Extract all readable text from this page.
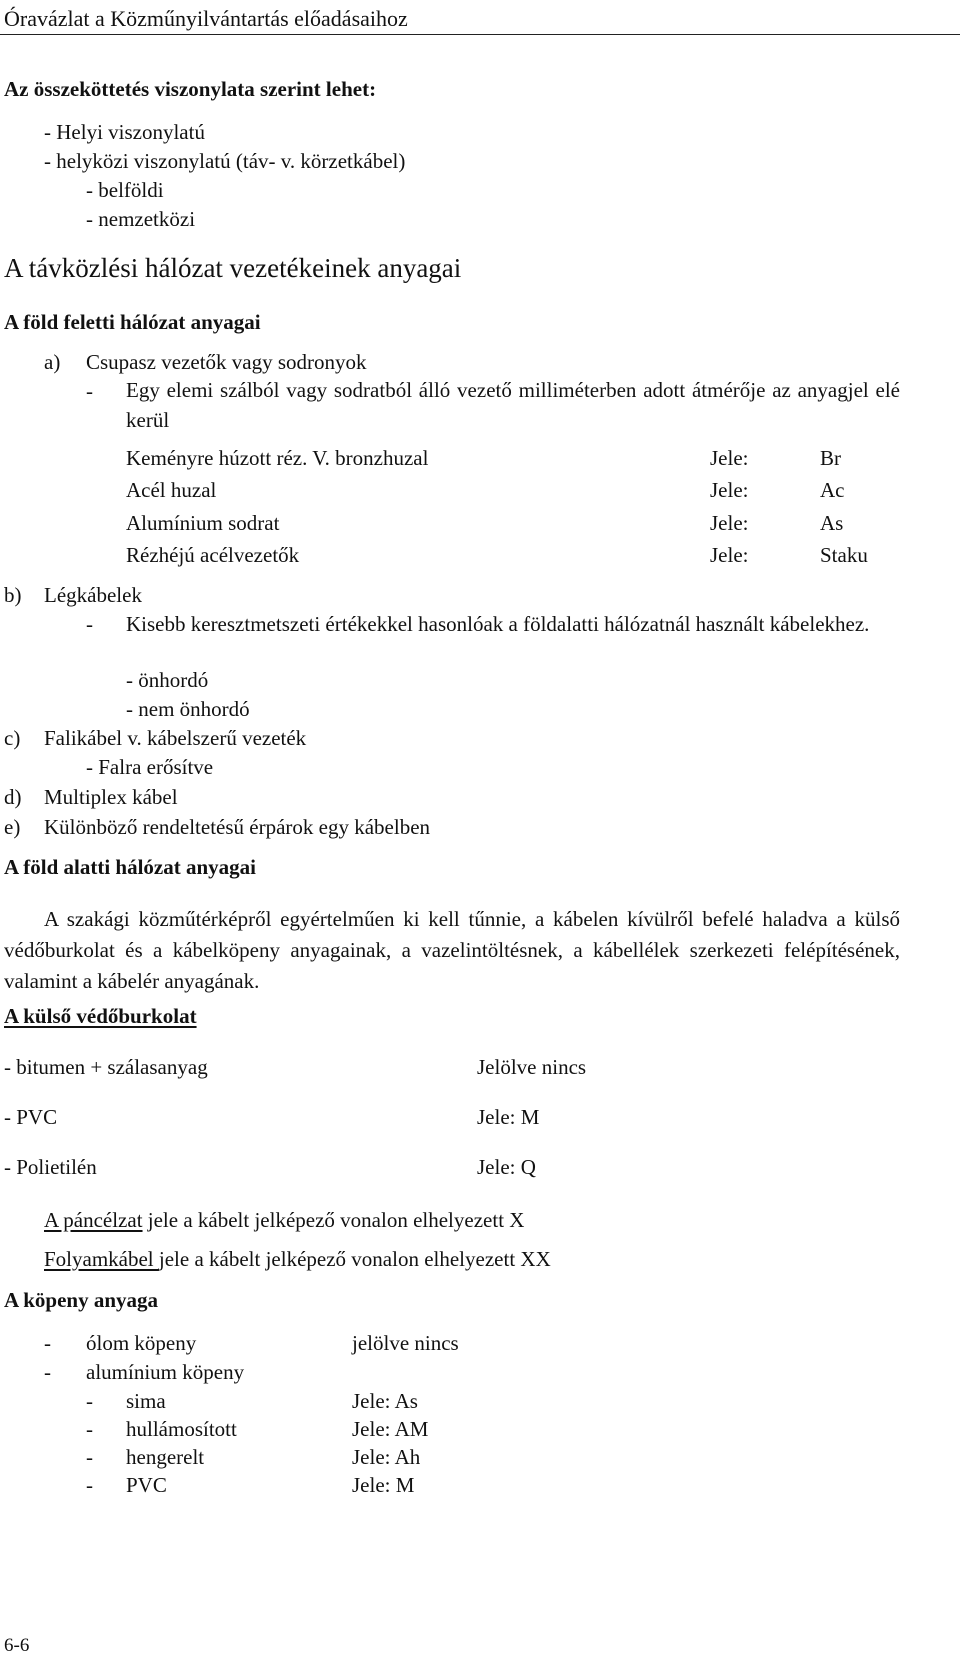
Óravázlat a Közműnyilvántartás előadásaihoz
Az összeköttetés viszonylata szerint lehet:
- Helyi viszonylatú
- helyközi viszonylatú (táv- v. körzetkábel)
- belföldi
- nemzetközi
A távközlési hálózat vezetékeinek anyagai
A föld feletti hálózat anyagai
a) Csupasz vezetők vagy sodronyok
- Egy elemi szálból vagy sodratból álló vezető milliméterben adott átmérője az anyagjel elé kerül
Keményre húzott réz. V. bronzhuzal	Jele:	Br
Acél huzal	Jele:	Ac
Alumínium sodrat	Jele:	As
Rézhéjú acélvezetők	Jele:	Staku
b) Légkábelek
- Kisebb keresztmetszeti értékekkel hasonlóak a földalatti hálózatnál használt kábelekhez.
- önhordó
- nem önhordó
c) Falikábel v. kábelszerű vezeték
- Falra erősítve
d) Multiplex kábel
e) Különböző rendeltetésű érpárok egy kábelben
A föld alatti hálózat anyagai
A szakági közműtérképről egyértelműen ki kell tűnnie, a kábelen kívülről befelé haladva a külső védőburkolat és a kábelköpeny anyagainak, a vazelintöltésnek, a kábellélek szerkezeti felépítésének, valamint a kábelér anyagának.
A külső védőburkolat
- bitumen + szálasanyag	Jelölve nincs
- PVC	Jele: M
- Polietilén	Jele: Q
A páncélzat jele a kábelt jelképező vonalon elhelyezett X
Folyamkábel jele a kábelt jelképező vonalon elhelyezett XX
A köpeny anyaga
- ólom köpeny	jelölve nincs
- alumínium köpeny
- sima	Jele: As
- hullámosított	Jele: AM
- hengerelt	Jele: Ah
- PVC	Jele: M
6-6
